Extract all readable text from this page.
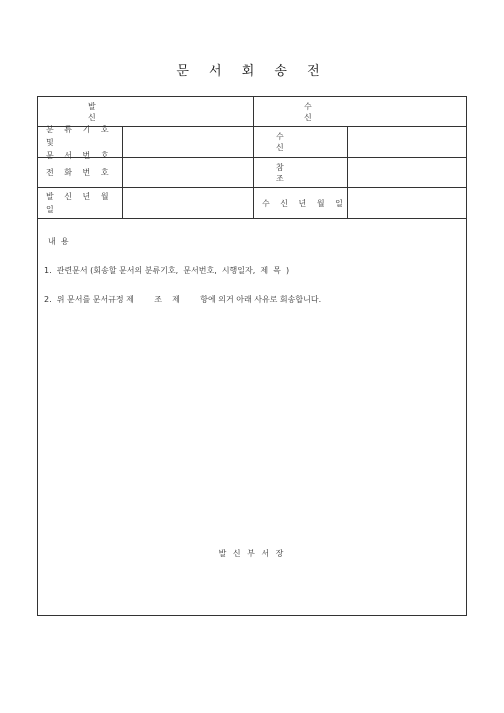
문 서 회 송 전
발 신
수 신
분 류 기 호 및
문 서 번 호
수 신
전 화 번 호
참 조
발 신 년 월 일
수 신 년 월 일
내  용
1.  관련문서 (회송할 문서의 분류기호,  문서번호,  시행일자,  제  목  )
2.  위 문서를 문서규정 제        조    제        항에 의거 아래 사유로 회송합니다.
발 신 부 서 장
